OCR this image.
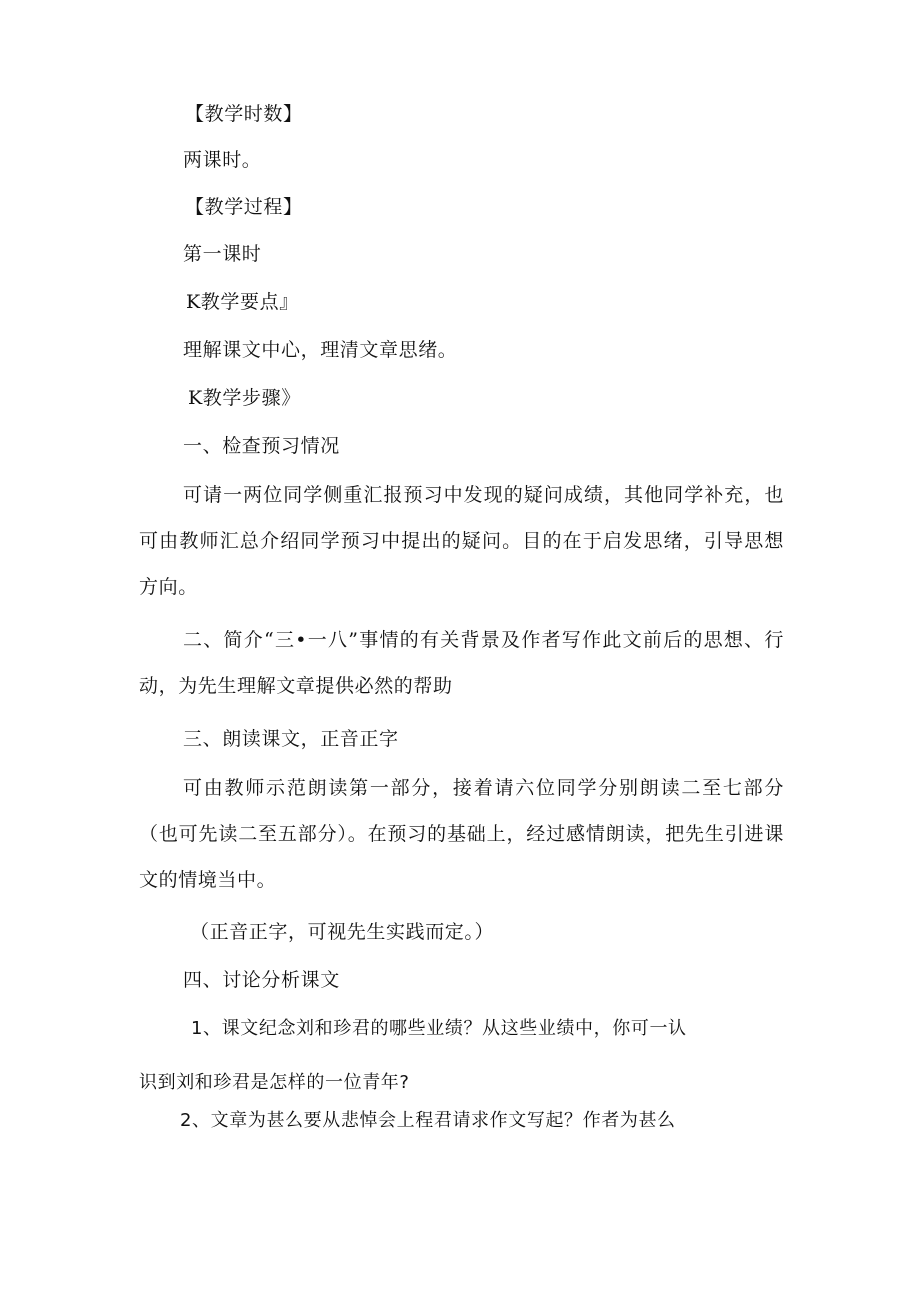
【教学时数】
两课时。
【教学过程】
第一课时
K教学要点』
理解课文中心，理清文章思绪。
K教学步骤》
一、检查预习情况
可请一两位同学侧重汇报预习中发现的疑问成绩，其他同学补充，也可由教师汇总介绍同学预习中提出的疑问。目的在于启发思绪，引导思想方向。
二、简介“三•一八”事情的有关背景及作者写作此文前后的思想、行动，为先生理解文章提供必然的帮助
三、朗读课文，正音正字
可由教师示范朗读第一部分，接着请六位同学分别朗读二至七部分（也可先读二至五部分）。在预习的基础上，经过感情朗读，把先生引进课文的情境当中。
（正音正字，可视先生实践而定。）
四、讨论分析课文
1、课文纪念刘和珍君的哪些业绩？从这些业绩中，你可一认
识到刘和珍君是怎样的一位青年?
2、文章为甚么要从悲悼会上程君请求作文写起？作者为甚么
